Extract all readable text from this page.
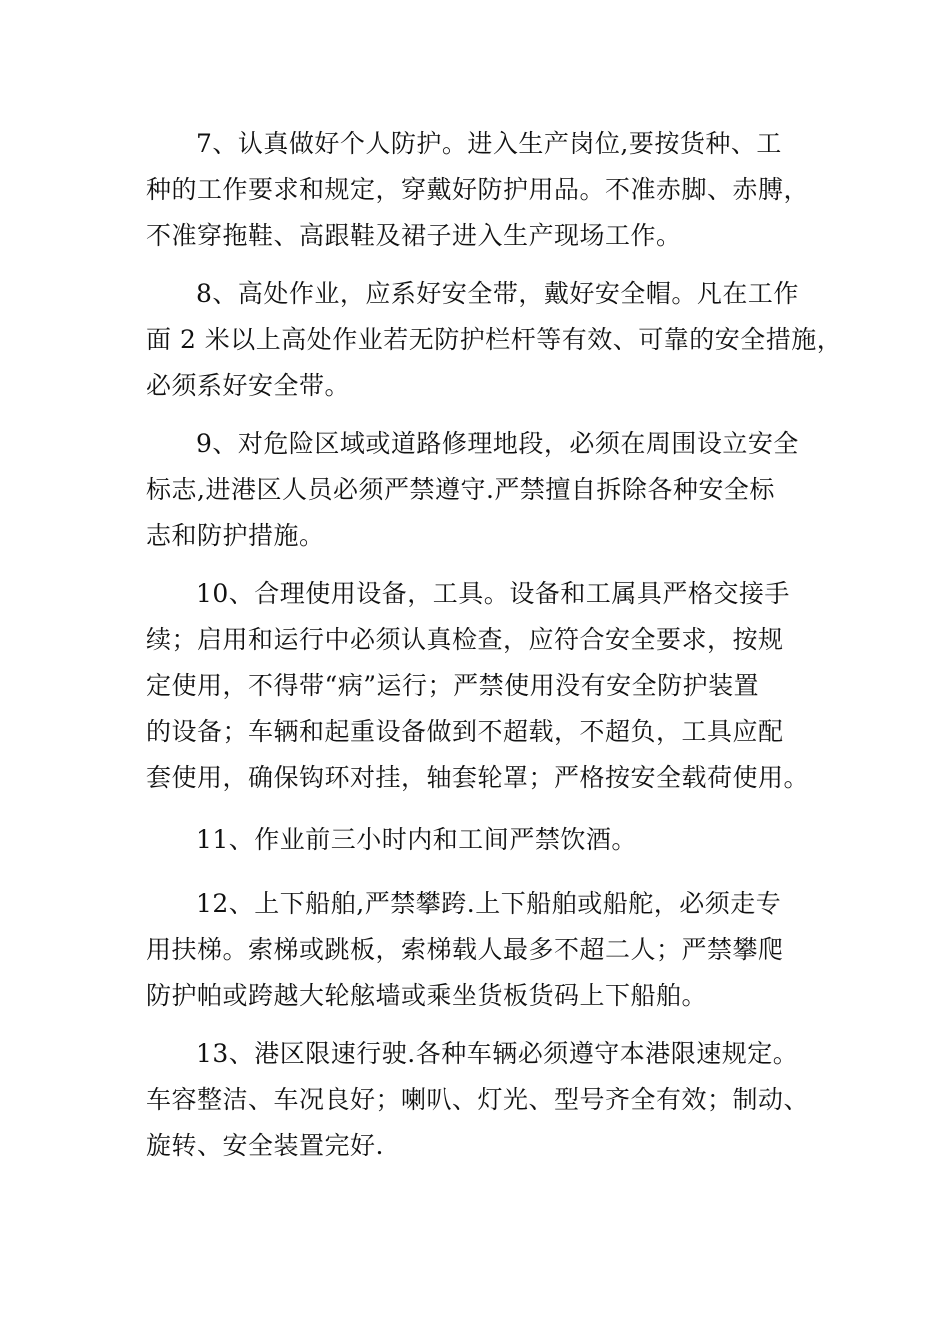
7、认真做好个人防护。进入生产岗位,要按货种、工
种的工作要求和规定，穿戴好防护用品。不准赤脚、赤膊，
不准穿拖鞋、高跟鞋及裙子进入生产现场工作。
8、高处作业，应系好安全带，戴好安全帽。凡在工作
面 2 米以上高处作业若无防护栏杆等有效、可靠的安全措施，
必须系好安全带。
9、对危险区域或道路修理地段，必须在周围设立安全
标志,进港区人员必须严禁遵守.严禁擅自拆除各种安全标
志和防护措施。
10、合理使用设备，工具。设备和工属具严格交接手
续；启用和运行中必须认真检查，应符合安全要求，按规
定使用，不得带“病”运行；严禁使用没有安全防护装置
的设备；车辆和起重设备做到不超载，不超负，工具应配
套使用，确保钩环对挂，轴套轮罩；严格按安全载荷使用。
11、作业前三小时内和工间严禁饮酒。
12、上下船舶,严禁攀跨.上下船舶或船舵，必须走专
用扶梯。索梯或跳板，索梯载人最多不超二人；严禁攀爬
防护帕或跨越大轮舷墙或乘坐货板货码上下船舶。
13、港区限速行驶.各种车辆必须遵守本港限速规定。
车容整洁、车况良好；喇叭、灯光、型号齐全有效；制动、
旋转、安全装置完好.
